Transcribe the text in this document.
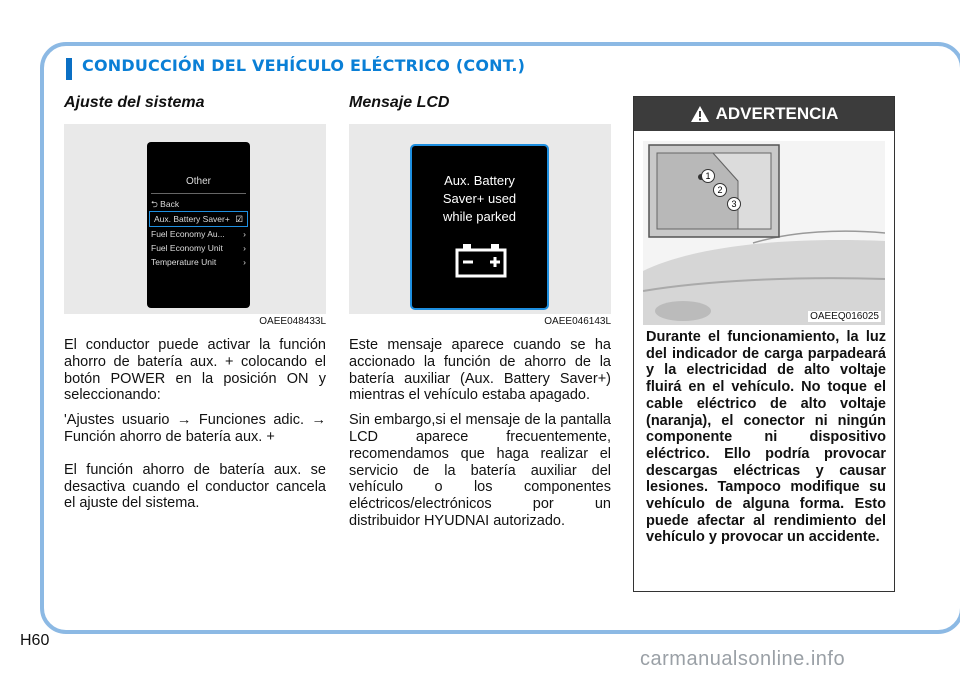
CONDUCCIÓN DEL VEHÍCULO ELÉCTRICO (CONT.)
Ajuste del sistema
Other
⮌ Back
Aux. Battery Saver+ ☑
Fuel Economy Au... ›
Fuel Economy Unit ›
Temperature Unit	›
OAEE048433L

El conductor puede activar la función ahorro de batería aux. + colocando el botón POWER en la posición ON y seleccionando:

'Ajustes usuario → Funciones adic. → Función ahorro de batería aux. +

El función ahorro de batería aux. se desactiva cuando el conductor cancela el ajuste del sistema.

Mensaje LCD
Aux. Battery
Saver+ used
while parked
OAEE046143L

Este mensaje aparece cuando se ha accionado la función de ahorro de la batería auxiliar (Aux. Battery Saver+) mientras el vehículo estaba apagado.

Sin embargo,si el mensaje de la pantalla LCD aparece frecuentemente, recomendamos que haga realizar el servicio de la batería auxiliar del vehículo o los componentes eléctricos/electrónicos por un distribuidor HYUDNAI autorizado.

ADVERTENCIA
1
2
3
OAEEQ016025
Durante el funcionamiento, la luz del indicador de carga parpadeará y la electricidad de alto voltaje fluirá en el vehículo. No toque el cable eléctrico de alto voltaje (naranja), el conector ni ningún componente ni dispositivo eléctrico. Ello podría provocar descargas eléctricas y causar lesiones. Tampoco modifique su vehículo de alguna forma. Esto puede afectar al rendimiento del vehículo y provocar un accidente.
H60
carmanualsonline.info
